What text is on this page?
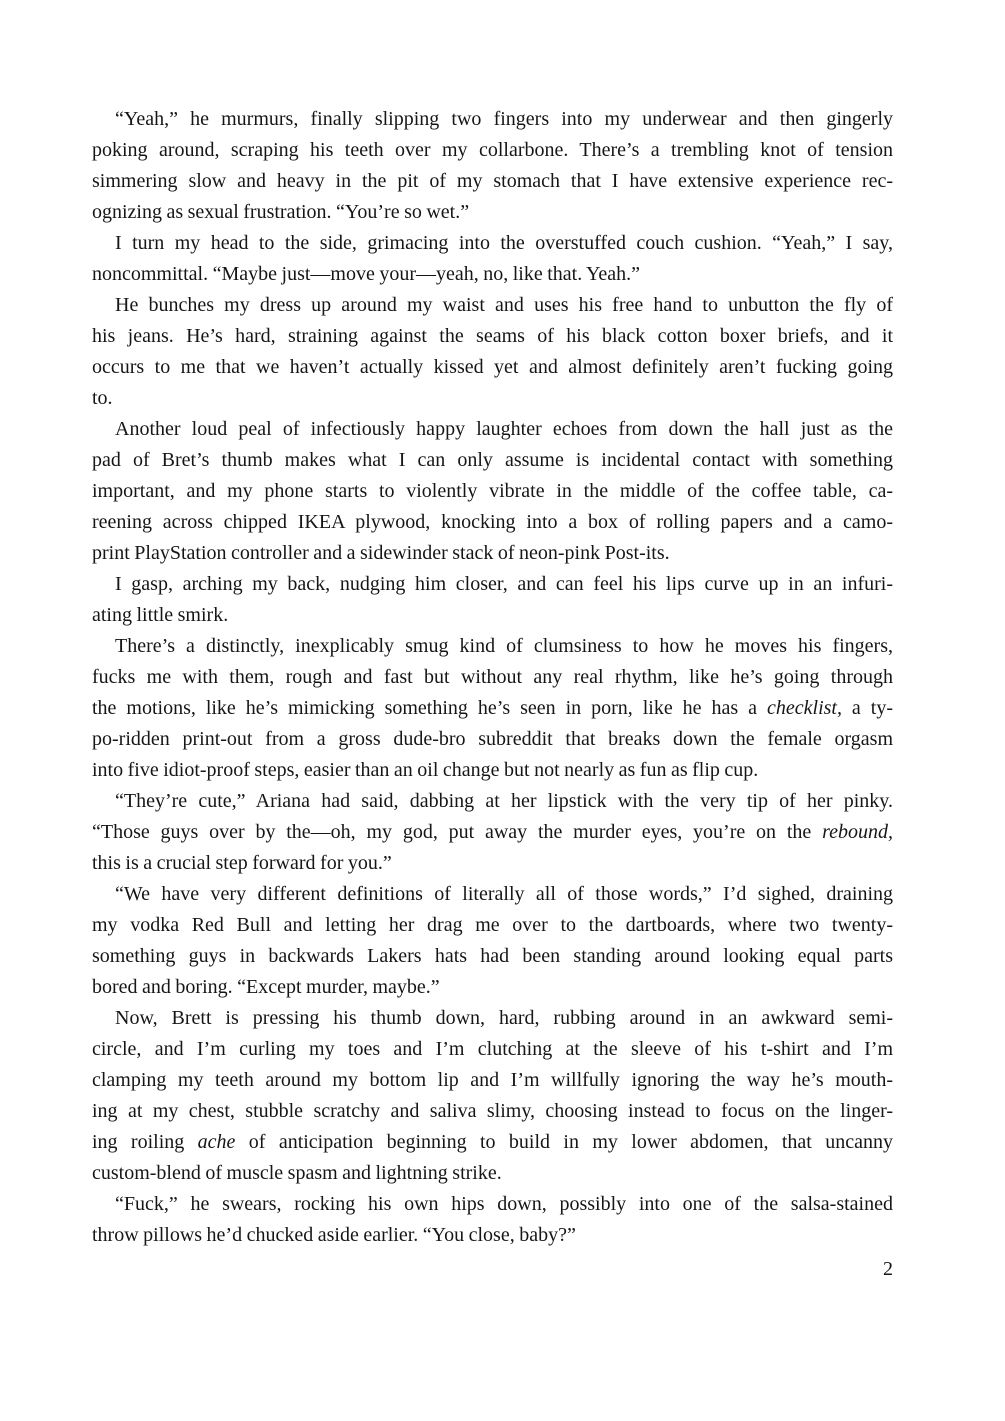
“Yeah,” he murmurs, finally slipping two fingers into my underwear and then gingerly
poking around, scraping his teeth over my collarbone. There’s a trembling knot of tension
simmering slow and heavy in the pit of my stomach that I have extensive experience rec-
ognizing as sexual frustration. “You’re so wet.”
I turn my head to the side, grimacing into the overstuffed couch cushion. “Yeah,” I say,
noncommittal. “Maybe just—move your—yeah, no, like that. Yeah.”
He bunches my dress up around my waist and uses his free hand to unbutton the fly of
his jeans. He’s hard, straining against the seams of his black cotton boxer briefs, and it
occurs to me that we haven’t actually kissed yet and almost definitely aren’t fucking going
to.
Another loud peal of infectiously happy laughter echoes from down the hall just as the
pad of Bret’s thumb makes what I can only assume is incidental contact with something
important, and my phone starts to violently vibrate in the middle of the coffee table, ca-
reening across chipped IKEA plywood, knocking into a box of rolling papers and a camo-
print PlayStation controller and a sidewinder stack of neon-pink Post-its.
I gasp, arching my back, nudging him closer, and can feel his lips curve up in an infuri-
ating little smirk.
There’s a distinctly, inexplicably smug kind of clumsiness to how he moves his fingers,
fucks me with them, rough and fast but without any real rhythm, like he’s going through
the motions, like he’s mimicking something he’s seen in porn, like he has a checklist, a ty-
po-ridden print-out from a gross dude-bro subreddit that breaks down the female orgasm
into five idiot-proof steps, easier than an oil change but not nearly as fun as flip cup.
“They’re cute,” Ariana had said, dabbing at her lipstick with the very tip of her pinky.
“Those guys over by the—oh, my god, put away the murder eyes, you’re on the rebound,
this is a crucial step forward for you.”
“We have very different definitions of literally all of those words,” I’d sighed, draining
my vodka Red Bull and letting her drag me over to the dartboards, where two twenty-
something guys in backwards Lakers hats had been standing around looking equal parts
bored and boring. “Except murder, maybe.”
Now, Brett is pressing his thumb down, hard, rubbing around in an awkward semi-
circle, and I’m curling my toes and I’m clutching at the sleeve of his t-shirt and I’m
clamping my teeth around my bottom lip and I’m willfully ignoring the way he’s mouth-
ing at my chest, stubble scratchy and saliva slimy, choosing instead to focus on the linger-
ing roiling ache of anticipation beginning to build in my lower abdomen, that uncanny
custom-blend of muscle spasm and lightning strike.
“Fuck,” he swears, rocking his own hips down, possibly into one of the salsa-stained
throw pillows he’d chucked aside earlier. “You close, baby?”
2
